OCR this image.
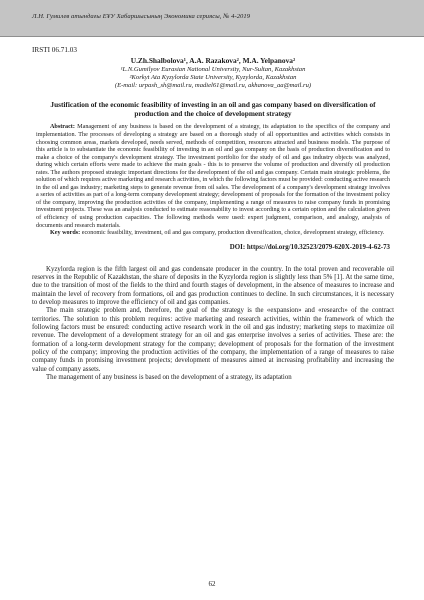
Л.Н. Гумилев атындағы ЕҰУ Хабаршысының Экономика сериясы, № 4-2019
IRSTI 06.71.03
U.Zh.Shalbolova¹, A.A. Razakova², M.A. Yelpanova²

¹L.N.Gumilyov Eurasian National University, Nur-Sultan, Kazakhstan

²Korkyt Ata Kyzylorda State University, Kyzylorda, Kazakhstan

(E-mail: urpash_sh@mail.ru, madiel61@mail.ru, akhanova_aa@mail.ru)

Justification of the economic feasibility of investing in an oil and gas company based on diversification of production and the choice of development strategy

Abstract: Management of any business is based on the development of a strategy, its adaptation to the specifics of the company and implementation. The processes of developing a strategy are based on a thorough study of all opportunities and activities which consists in choosing common areas, markets developed, needs served, methods of competition, resources attracted and business models. The purpose of this article is to substantiate the economic feasibility of investing in an oil and gas company on the basis of production diversification and to make a choice of the company's development strategy. The investment portfolio for the study of oil and gas industry objects was analyzed, during which certain efforts were made to achieve the main goals - this is to preserve the volume of production and diversify oil production rates. The authors proposed strategic important directions for the development of the oil and gas company. Certain main strategic problems, the solution of which requires active marketing and research activities, in which the following factors must be provided: conducting active research in the oil and gas industry; marketing steps to generate revenue from oil sales. The development of a company's development strategy involves a series of activities as part of a long-term company development strategy; development of proposals for the formation of the investment policy of the company, improving the production activities of the company, implementing a range of measures to raise company funds in promising investment projects. These was an analysis conducted to estimate reasonability to invest according to a certain option and the calculation given of efficiency of using production capacities. The following methods were used: expert judgment, comparison, and analogy, analysis of documents and research materials.

Key words: economic feasibility, investment, oil and gas company, production diversification, choice, development strategy, efficiency.

DOI: https://doi.org/10.32523/2079-620X-2019-4-62-73

Kyzylorda region is the fifth largest oil and gas condensate producer in the country. In the total proven and recoverable oil reserves in the Republic of Kazakhstan, the share of deposits in the Kyzylorda region is slightly less than 5% [1]. At the same time, due to the transition of most of the fields to the third and fourth stages of development, in the absence of measures to increase and maintain the level of recovery from formations, oil and gas production continues to decline. In such circumstances, it is necessary to develop measures to improve the efficiency of oil and gas companies.

The main strategic problem and, therefore, the goal of the strategy is the «expansion» and «research» of the contract territories. The solution to this problem requires: active marketing and research activities, within the framework of which the following factors must be ensured: conducting active research work in the oil and gas industry; marketing steps to maximize oil revenue. The development of a development strategy for an oil and gas enterprise involves a series of activities. These are: the formation of a long-term development strategy for the company; development of proposals for the formation of the investment policy of the company; improving the production activities of the company, the implementation of a range of measures to raise company funds in promising investment projects; development of measures aimed at increasing profitability and increasing the value of company assets.

The management of any business is based on the development of a strategy, its adaptation

62
